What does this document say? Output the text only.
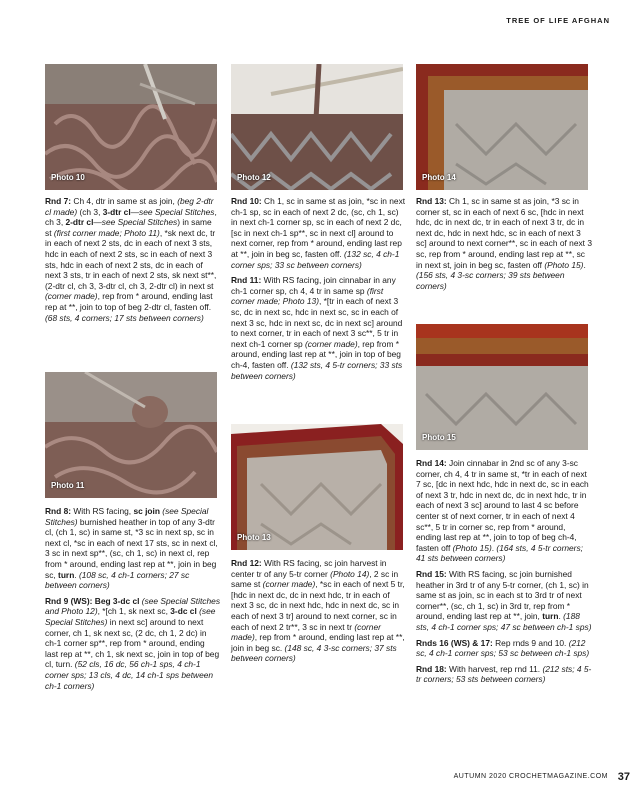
TREE OF LIFE AFGHAN
Photo 10

Rnd 7: Ch 4, dtr in same st as join, (beg 2-dtr cl made) (ch 3, 3-dtr cl—see Special Stitches, ch 3, 2-dtr cl—see Special Stitches) in same st (first corner made; Photo 11), *sk next dc, tr in each of next 2 sts, dc in each of next 3 sts, hdc in each of next 2 sts, sc in each of next 3 sts, hdc in each of next 2 sts, dc in each of next 3 sts, tr in each of next 2 sts, sk next st**, (2-dtr cl, ch 3, 3-dtr cl, ch 3, 2-dtr cl) in next st (corner made), rep from * around, ending last rep at **, join to top of beg 2-dtr cl, fasten off. (68 sts, 4 corners; 17 sts between corners)

Photo 11

Rnd 8: With RS facing, sc join (see Special Stitches) burnished heather in top of any 3-dtr cl, (ch 1, sc) in same st, *3 sc in next sp, sc in next cl, *sc in each of next 17 sts, sc in next cl, 3 sc in next sp**, (sc, ch 1, sc) in next cl, rep from * around, ending last rep at **, join in beg sc, turn. (108 sc, 4 ch-1 corners; 27 sc between corners)

Rnd 9 (WS): Beg 3-dc cl (see Special Stitches and Photo 12), *[ch 1, sk next sc, 3-dc cl (see Special Stitches) in next sc] around to next corner, ch 1, sk next sc, (2 dc, ch 1, 2 dc) in ch-1 corner sp**, rep from * around, ending last rep at **, ch 1, sk next sc, join in top of beg cl, turn. (52 cls, 16 dc, 56 ch-1 sps, 4 ch-1 corner sps; 13 cls, 4 dc, 14 ch-1 sps between ch-1 corners)

Photo 12

Rnd 10: Ch 1, sc in same st as join, *sc in next ch-1 sp, sc in each of next 2 dc, (sc, ch 1, sc) in next ch-1 corner sp, sc in each of next 2 dc, [sc in next ch-1 sp**, sc in next cl] around to next corner, rep from * around, ending last rep at **, join in beg sc, fasten off. (132 sc, 4 ch-1 corner sps; 33 sc between corners)

Rnd 11: With RS facing, join cinnabar in any ch-1 corner sp, ch 4, 4 tr in same sp (first corner made; Photo 13), *[tr in each of next 3 sc, dc in next sc, hdc in next sc, sc in each of next 3 sc, hdc in next sc, dc in next sc] around to next corner, tr in each of next 3 sc**, 5 tr in next ch-1 corner sp (corner made), rep from * around, ending last rep at **, join in top of beg ch-4, fasten off. (132 sts, 4 5-tr corners; 33 sts between corners)

Photo 13

Rnd 12: With RS facing, sc join harvest in center tr of any 5-tr corner (Photo 14), 2 sc in same st (corner made), *sc in each of next 5 tr, [hdc in next dc, dc in next hdc, tr in each of next 3 sc, dc in next hdc, hdc in next dc, sc in each of next 3 tr] around to next corner, sc in each of next 2 tr**, 3 sc in next tr (corner made), rep from * around, ending last rep at **, join in beg sc. (148 sc, 4 3-sc corners; 37 sts between corners)

Photo 14

Rnd 13: Ch 1, sc in same st as join, *3 sc in corner st, sc in each of next 6 sc, [hdc in next hdc, dc in next dc, tr in each of next 3 tr, dc in next dc, hdc in next hdc, sc in each of next 3 sc] around to next corner**, sc in each of next 3 sc, rep from * around, ending last rep at **, sc in next st, join in beg sc, fasten off (Photo 15). (156 sts, 4 3-sc corners; 39 sts between corners)

Photo 15

Rnd 14: Join cinnabar in 2nd sc of any 3-sc corner, ch 4, 4 tr in same st, *tr in each of next 7 sc, [dc in next hdc, hdc in next dc, sc in each of next 3 tr, hdc in next dc, dc in next hdc, tr in each of next 3 sc] around to last 4 sc before center st of next corner, tr in each of next 4 sc**, 5 tr in corner sc, rep from * around, ending last rep at **, join to top of beg ch-4, fasten off (Photo 15). (164 sts, 4 5-tr corners; 41 sts between corners)

Rnd 15: With RS facing, sc join burnished heather in 3rd tr of any 5-tr corner, (ch 1, sc) in same st as join, sc in each st to 3rd tr of next corner**, (sc, ch 1, sc) in 3rd tr, rep from * around, ending last rep at **, join, turn. (188 sts, 4 ch-1 corner sps; 47 sc between ch-1 sps)

Rnds 16 (WS) & 17: Rep rnds 9 and 10. (212 sc, 4 ch-1 corner sps; 53 sc between ch-1 sps)

Rnd 18: With harvest, rep rnd 11. (212 sts; 4 5-tr corners; 53 sts between corners)

AUTUMN 2020 CROCHETMAGAZINE.COM 37
